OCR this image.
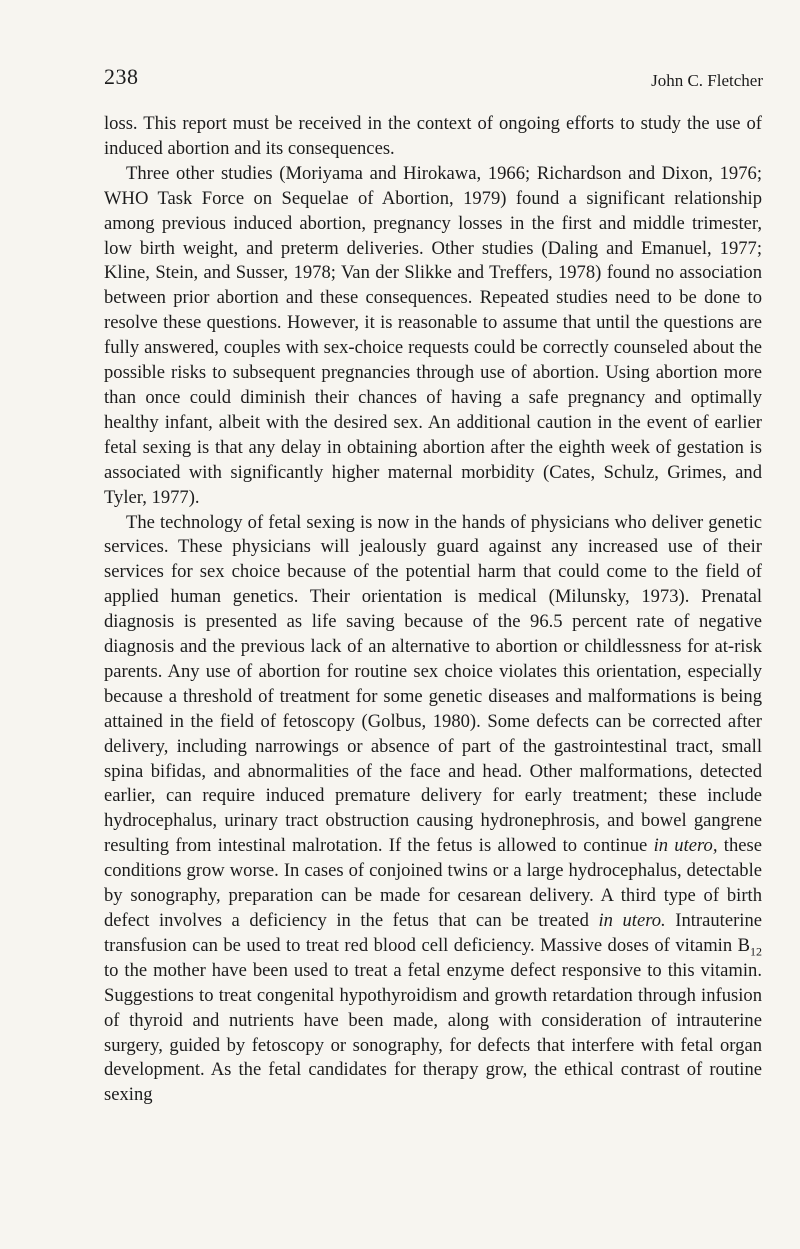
238	John C. Fletcher

loss. This report must be received in the context of ongoing efforts to study the use of induced abortion and its consequences.

Three other studies (Moriyama and Hirokawa, 1966; Richardson and Dixon, 1976; WHO Task Force on Sequelae of Abortion, 1979) found a significant relationship among previous induced abortion, pregnancy losses in the first and middle trimester, low birth weight, and preterm deliveries. Other studies (Daling and Emanuel, 1977; Kline, Stein, and Susser, 1978; Van der Slikke and Treffers, 1978) found no association between prior abortion and these consequences. Repeated studies need to be done to resolve these questions. However, it is reasonable to assume that until the questions are fully answered, couples with sex-choice requests could be correctly counseled about the possible risks to subsequent pregnancies through use of abortion. Using abortion more than once could diminish their chances of having a safe pregnancy and optimally healthy infant, albeit with the desired sex. An additional caution in the event of earlier fetal sexing is that any delay in obtaining abortion after the eighth week of gestation is associated with significantly higher maternal morbidity (Cates, Schulz, Grimes, and Tyler, 1977).

The technology of fetal sexing is now in the hands of physicians who deliver genetic services. These physicians will jealously guard against any increased use of their services for sex choice because of the potential harm that could come to the field of applied human genetics. Their orientation is medical (Milunsky, 1973). Prenatal diagnosis is presented as life saving because of the 96.5 percent rate of negative diagnosis and the previous lack of an alternative to abortion or childlessness for at-risk parents. Any use of abortion for routine sex choice violates this orientation, especially because a threshold of treatment for some genetic diseases and malformations is being attained in the field of fetoscopy (Golbus, 1980). Some defects can be corrected after delivery, including narrowings or absence of part of the gastrointestinal tract, small spina bifidas, and abnormalities of the face and head. Other malformations, detected earlier, can require induced premature delivery for early treatment; these include hydrocephalus, urinary tract obstruction causing hydronephrosis, and bowel gangrene resulting from intestinal malrotation. If the fetus is allowed to continue in utero, these conditions grow worse. In cases of conjoined twins or a large hydrocephalus, detectable by sonography, preparation can be made for cesarean delivery. A third type of birth defect involves a deficiency in the fetus that can be treated in utero. Intrauterine transfusion can be used to treat red blood cell deficiency. Massive doses of vitamin $B_{12}$ to the mother have been used to treat a fetal enzyme defect responsive to this vitamin. Suggestions to treat congenital hypothyroidism and growth retardation through infusion of thyroid and nutrients have been made, along with consideration of intrauterine surgery, guided by fetoscopy or sonography, for defects that interfere with fetal organ development. As the fetal candidates for therapy grow, the ethical contrast of routine sexing
